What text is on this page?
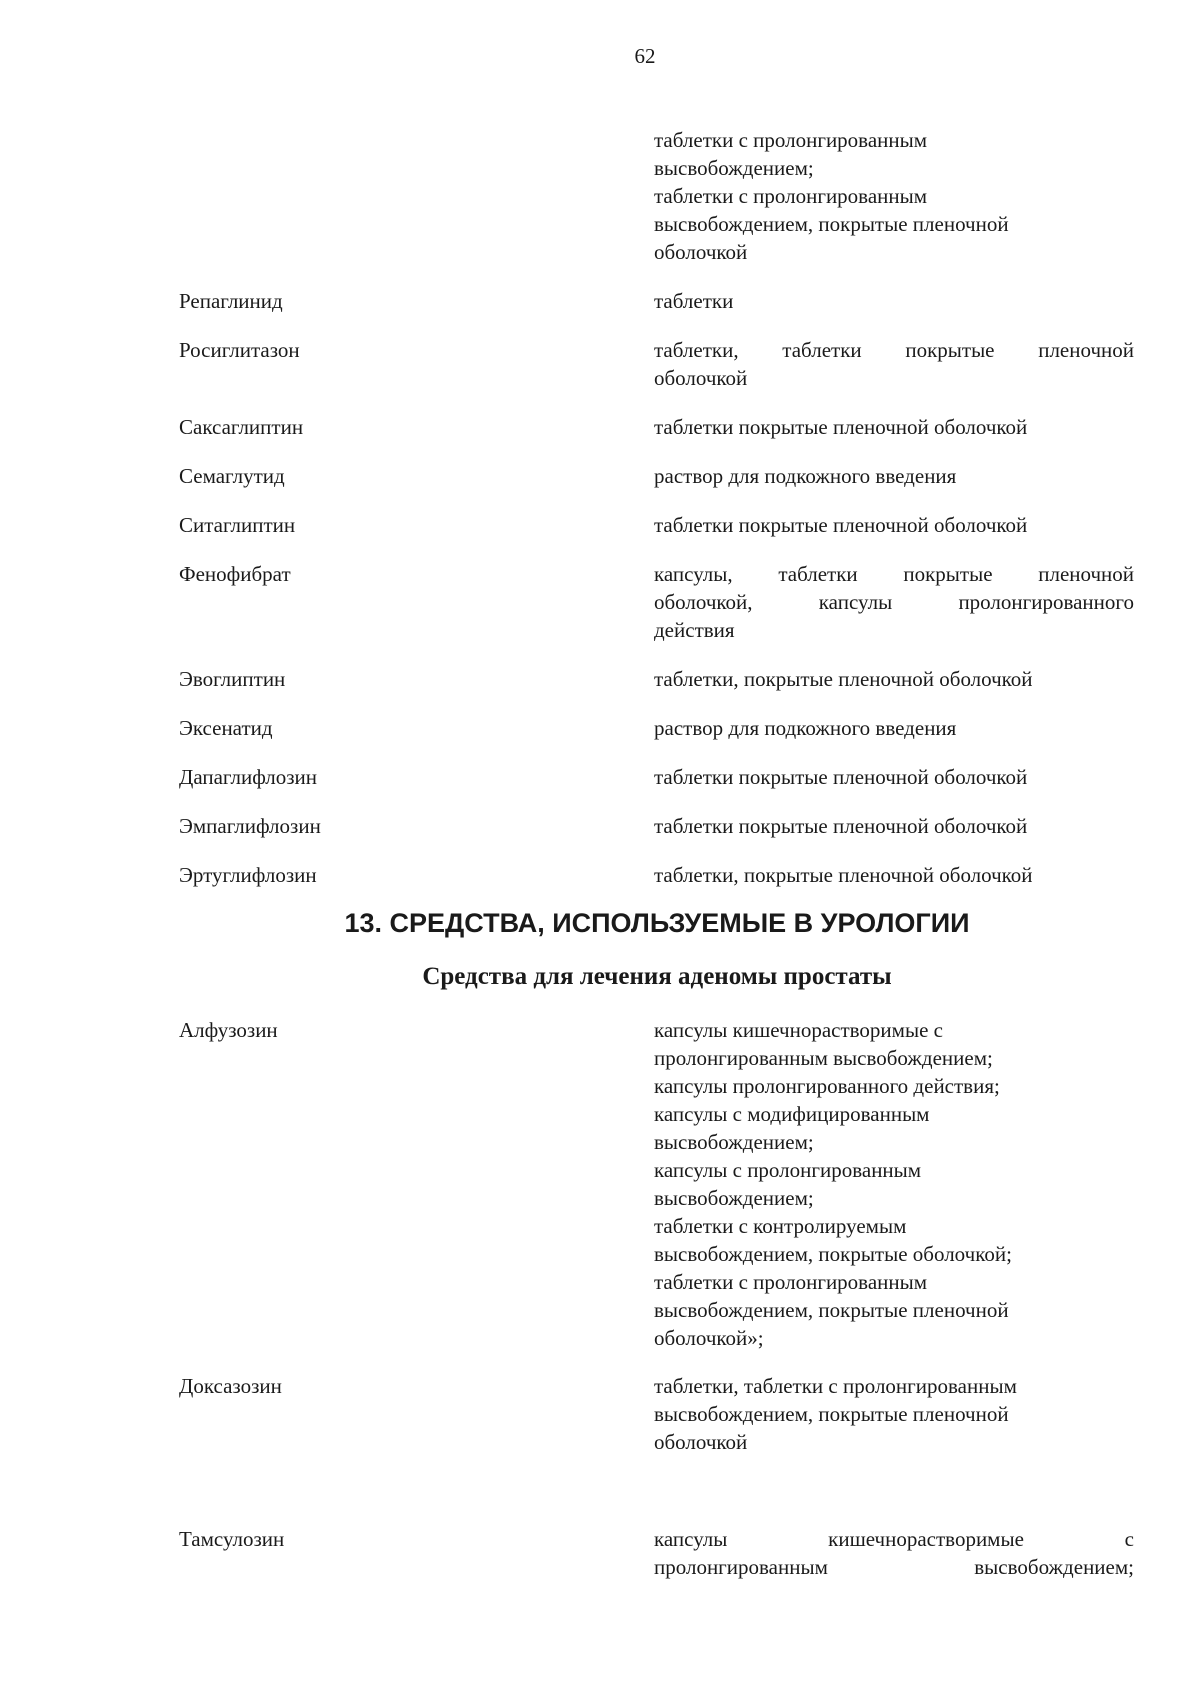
62
таблетки с пролонгированным
высвобождением;
таблетки с пролонгированным
высвобождением, покрытые пленочной
оболочкой
Репаглинид	таблетки
Росиглитазон	таблетки, таблетки покрытые пленочной
оболочкой
Саксаглиптин	таблетки покрытые пленочной оболочкой
Семаглутид	раствор для подкожного введения
Ситаглиптин	таблетки покрытые пленочной оболочкой
Фенофибрат	капсулы, таблетки покрытые пленочной
оболочкой, капсулы пролонгированного
действия
Эвоглиптин	таблетки, покрытые пленочной оболочкой
Эксенатид	раствор для подкожного введения
Дапаглифлозин	таблетки покрытые пленочной оболочкой
Эмпаглифлозин	таблетки покрытые пленочной оболочкой
Эртуглифлозин	таблетки, покрытые пленочной оболочкой
13. СРЕДСТВА, ИСПОЛЬЗУЕМЫЕ В УРОЛОГИИ
Средства для лечения аденомы простаты
Алфузозин	капсулы кишечнорастворимые с
пролонгированным высвобождением;
капсулы пролонгированного действия;
капсулы с модифицированным
высвобождением;
капсулы с пролонгированным
высвобождением;
таблетки с контролируемым
высвобождением, покрытые оболочкой;
таблетки с пролонгированным
высвобождением, покрытые пленочной
оболочкой»;
Доксазозин	таблетки, таблетки с пролонгированным
высвобождением, покрытые пленочной
оболочкой
Тамсулозин	капсулы кишечнорастворимые с
пролонгированным высвобождением;
